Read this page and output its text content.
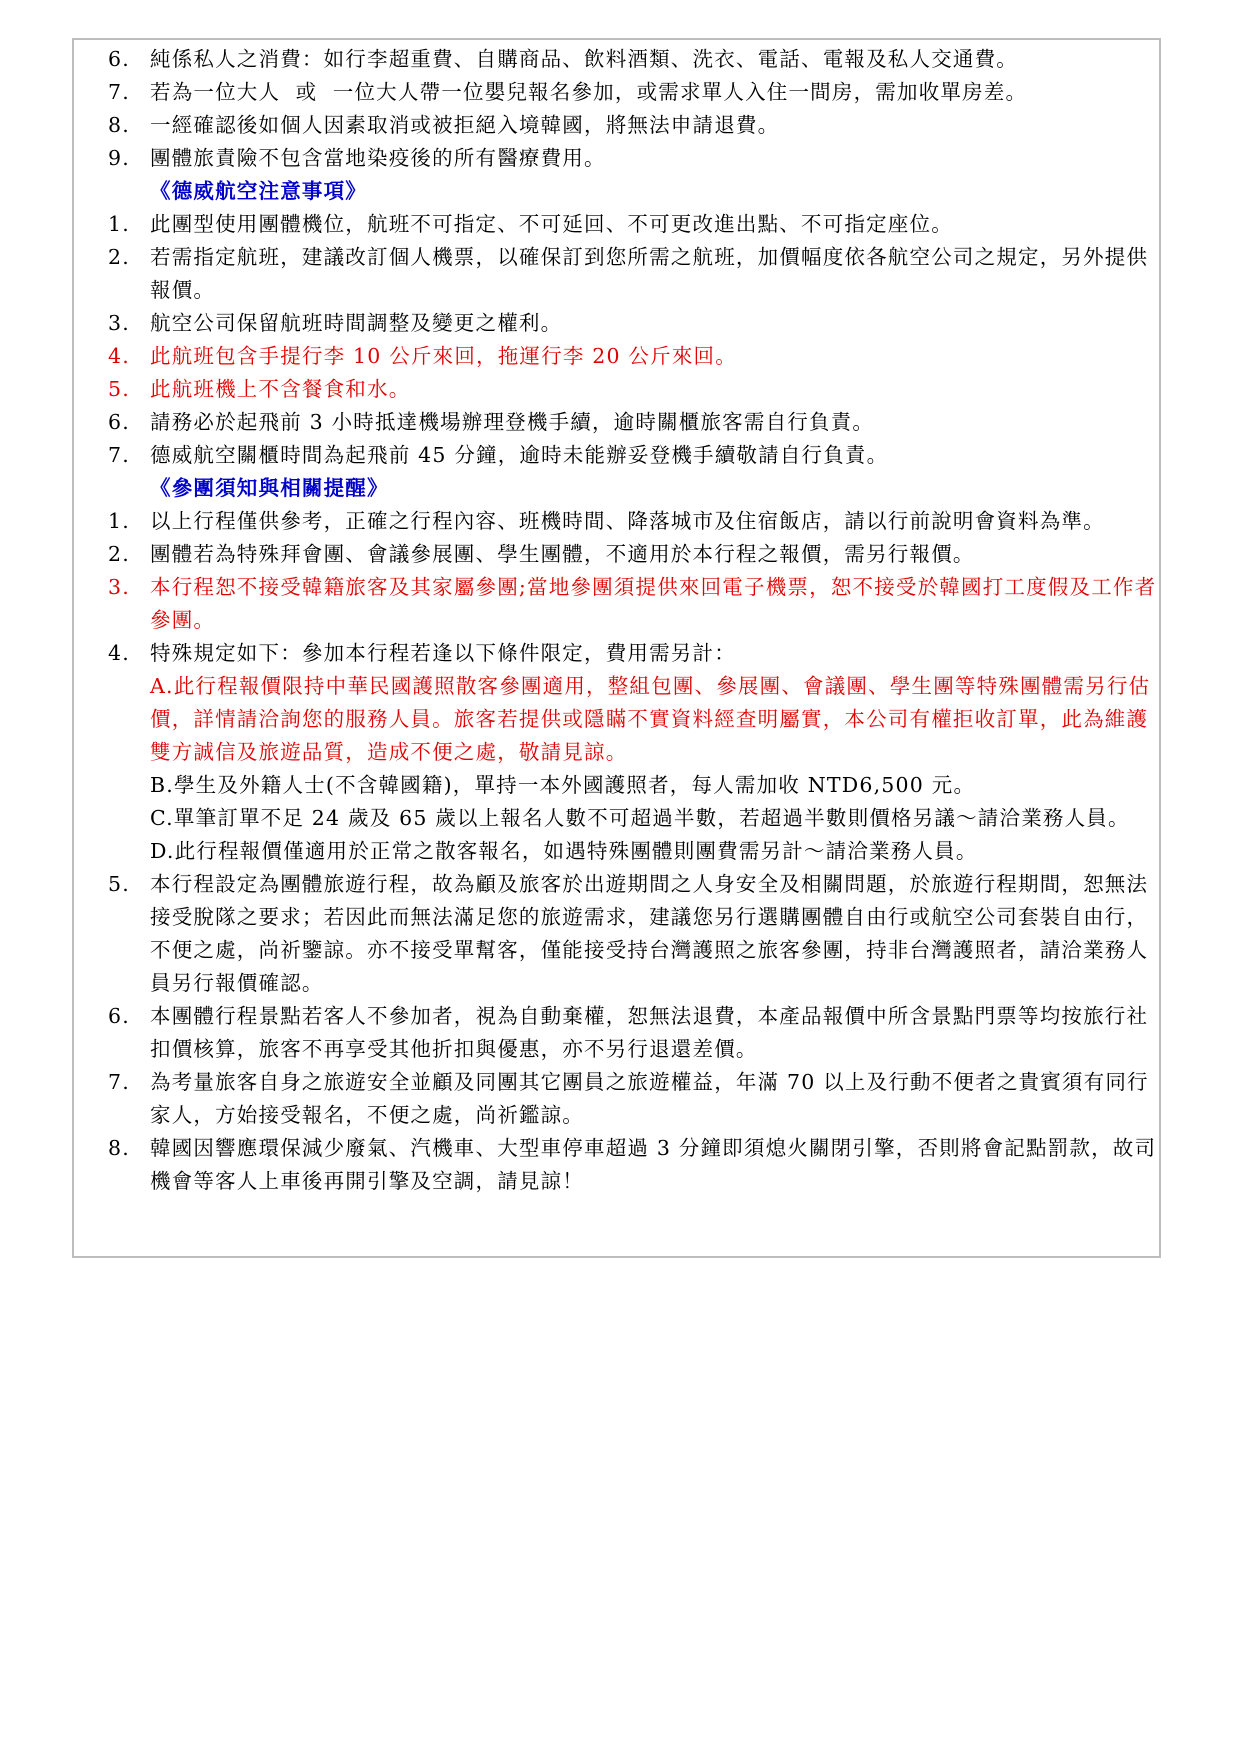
6. 純係私人之消費：如行李超重費、自購商品、飲料酒類、洗衣、電話、電報及私人交通費。
7. 若為一位大人  或  一位大人帶一位嬰兒報名參加，或需求單人入住一間房，需加收單房差。
8. 一經確認後如個人因素取消或被拒絕入境韓國，將無法申請退費。
9. 團體旅責險不包含當地染疫後的所有醫療費用。
《德威航空注意事項》
1. 此團型使用團體機位，航班不可指定、不可延回、不可更改進出點、不可指定座位。
2. 若需指定航班，建議改訂個人機票，以確保訂到您所需之航班，加價幅度依各航空公司之規定，另外提供報價。
3. 航空公司保留航班時間調整及變更之權利。
4. 此航班包含手提行李 10 公斤來回，拖運行李 20 公斤來回。
5. 此航班機上不含餐食和水。
6. 請務必於起飛前 3 小時抵達機場辦理登機手續，逾時關櫃旅客需自行負責。
7. 德威航空關櫃時間為起飛前 45 分鐘，逾時未能辦妥登機手續敬請自行負責。
《參團須知與相關提醒》
1. 以上行程僅供參考，正確之行程內容、班機時間、降落城市及住宿飯店，請以行前說明會資料為準。
2. 團體若為特殊拜會團、會議參展團、學生團體，不適用於本行程之報價，需另行報價。
3. 本行程恕不接受韓籍旅客及其家屬參團;當地參團須提供來回電子機票，恕不接受於韓國打工度假及工作者參團。
4. 特殊規定如下：參加本行程若逢以下條件限定，費用需另計：
A.此行程報價限持中華民國護照散客參團適用，整組包團、參展團、會議團、學生團等特殊團體需另行估價，詳情請洽詢您的服務人員。旅客若提供或隱瞞不實資料經查明屬實，本公司有權拒收訂單，此為維護雙方誠信及旅遊品質，造成不便之處，敬請見諒。
B.學生及外籍人士(不含韓國籍)，單持一本外國護照者，每人需加收 NTD6,500 元。
C.單筆訂單不足 24 歲及 65 歲以上報名人數不可超過半數，若超過半數則價格另議～請洽業務人員。
D.此行程報價僅適用於正常之散客報名，如遇特殊團體則團費需另計～請洽業務人員。
5. 本行程設定為團體旅遊行程，故為顧及旅客於出遊期間之人身安全及相關問題，於旅遊行程期間，恕無法接受脫隊之要求；若因此而無法滿足您的旅遊需求，建議您另行選購團體自由行或航空公司套裝自由行，不便之處，尚祈鑒諒。亦不接受單幫客，僅能接受持台灣護照之旅客參團，持非台灣護照者，請洽業務人員另行報價確認。
6. 本團體行程景點若客人不參加者，視為自動棄權，恕無法退費，本產品報價中所含景點門票等均按旅行社扣價核算，旅客不再享受其他折扣與優惠，亦不另行退還差價。
7. 為考量旅客自身之旅遊安全並顧及同團其它團員之旅遊權益，年滿 70 以上及行動不便者之貴賓須有同行家人，方始接受報名，不便之處，尚祈鑑諒。
8. 韓國因響應環保減少廢氣、汽機車、大型車停車超過 3 分鐘即須熄火關閉引擎，否則將會記點罰款，故司機會等客人上車後再開引擎及空調，請見諒！
